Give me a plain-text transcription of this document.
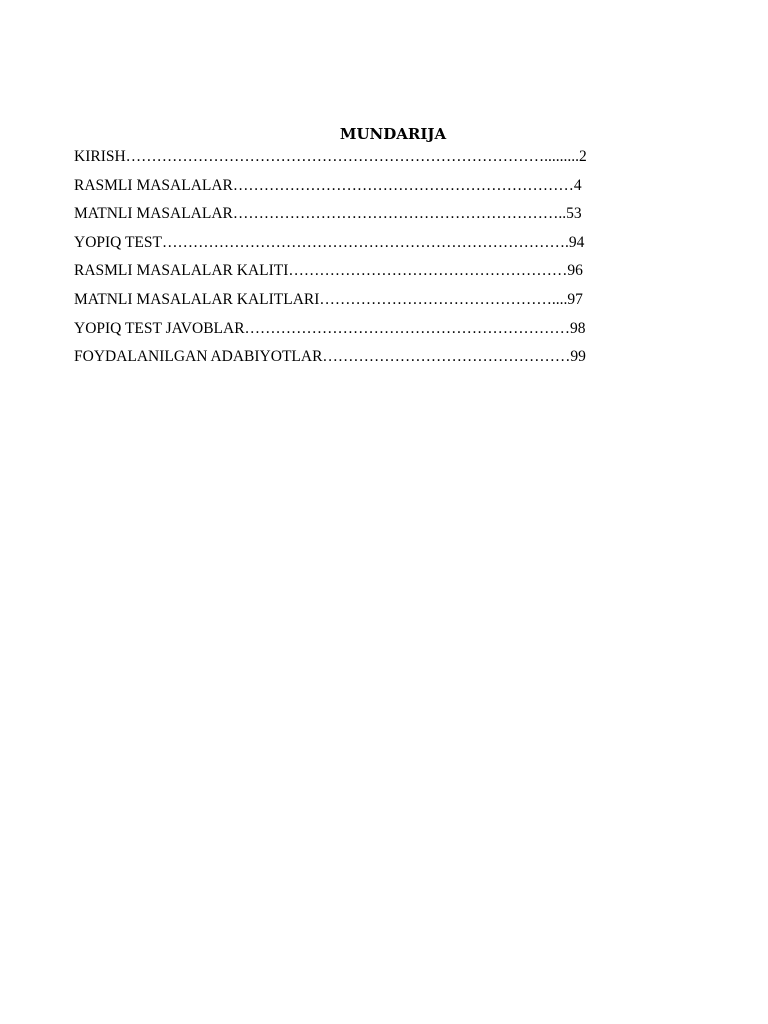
MUNDARIJA
KIRISH……………………………………………………………………….........2
RASMLI MASALALAR…………………………………………………………4
MATNLI MASALALAR………………………………………………………..53
YOPIQ TEST…………………………………………………………………….94
RASMLI MASALALAR KALITI………………………………………………96
MATNLI MASALALAR KALITLARI………………………………………....97
YOPIQ TEST JAVOBLAR………………………………………………………98
FOYDALANILGAN ADABIYOTLAR…………………………………………99
